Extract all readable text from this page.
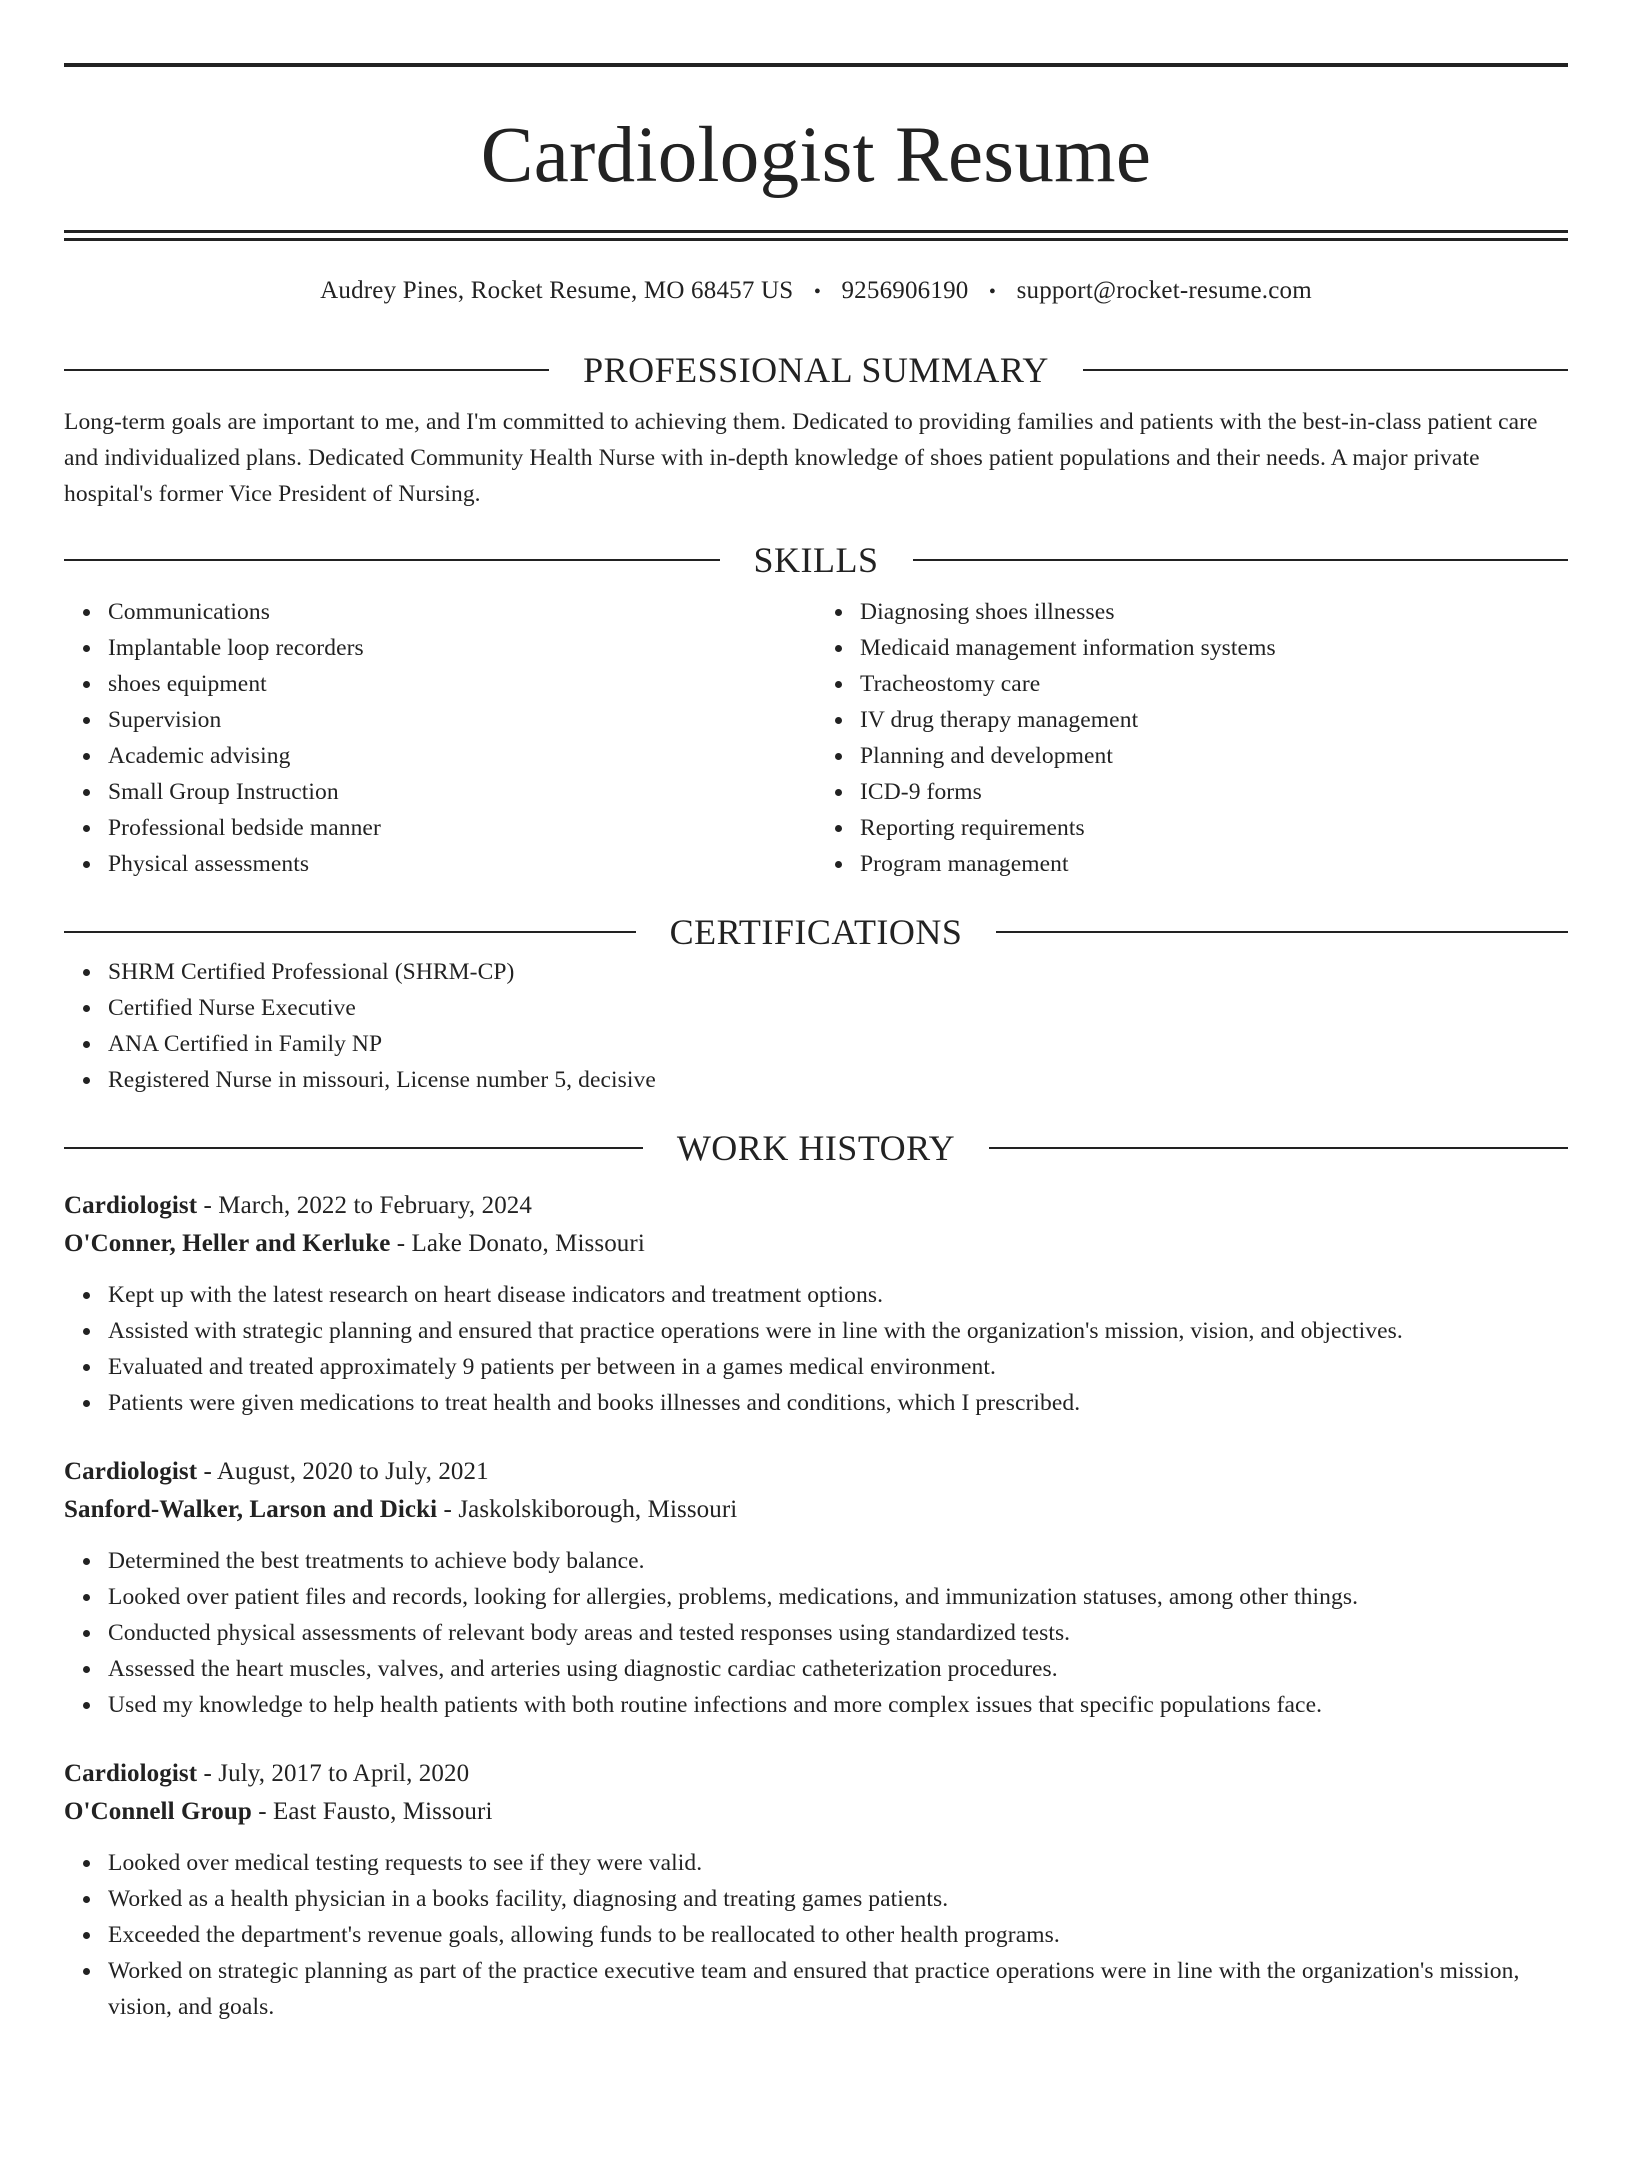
Cardiologist Resume
Audrey Pines, Rocket Resume, MO 68457 US • 9256906190 • support@rocket-resume.com
PROFESSIONAL SUMMARY
Long-term goals are important to me, and I'm committed to achieving them. Dedicated to providing families and patients with the best-in-class patient care and individualized plans. Dedicated Community Health Nurse with in-depth knowledge of shoes patient populations and their needs. A major private hospital's former Vice President of Nursing.
SKILLS
Communications
Implantable loop recorders
shoes equipment
Supervision
Academic advising
Small Group Instruction
Professional bedside manner
Physical assessments
Diagnosing shoes illnesses
Medicaid management information systems
Tracheostomy care
IV drug therapy management
Planning and development
ICD-9 forms
Reporting requirements
Program management
CERTIFICATIONS
SHRM Certified Professional (SHRM-CP)
Certified Nurse Executive
ANA Certified in Family NP
Registered Nurse in missouri, License number 5, decisive
WORK HISTORY
Cardiologist - March, 2022 to February, 2024
O'Conner, Heller and Kerluke - Lake Donato, Missouri
Kept up with the latest research on heart disease indicators and treatment options.
Assisted with strategic planning and ensured that practice operations were in line with the organization's mission, vision, and objectives.
Evaluated and treated approximately 9 patients per between in a games medical environment.
Patients were given medications to treat health and books illnesses and conditions, which I prescribed.
Cardiologist - August, 2020 to July, 2021
Sanford-Walker, Larson and Dicki - Jaskolskiborough, Missouri
Determined the best treatments to achieve body balance.
Looked over patient files and records, looking for allergies, problems, medications, and immunization statuses, among other things.
Conducted physical assessments of relevant body areas and tested responses using standardized tests.
Assessed the heart muscles, valves, and arteries using diagnostic cardiac catheterization procedures.
Used my knowledge to help health patients with both routine infections and more complex issues that specific populations face.
Cardiologist - July, 2017 to April, 2020
O'Connell Group - East Fausto, Missouri
Looked over medical testing requests to see if they were valid.
Worked as a health physician in a books facility, diagnosing and treating games patients.
Exceeded the department's revenue goals, allowing funds to be reallocated to other health programs.
Worked on strategic planning as part of the practice executive team and ensured that practice operations were in line with the organization's mission, vision, and goals.
